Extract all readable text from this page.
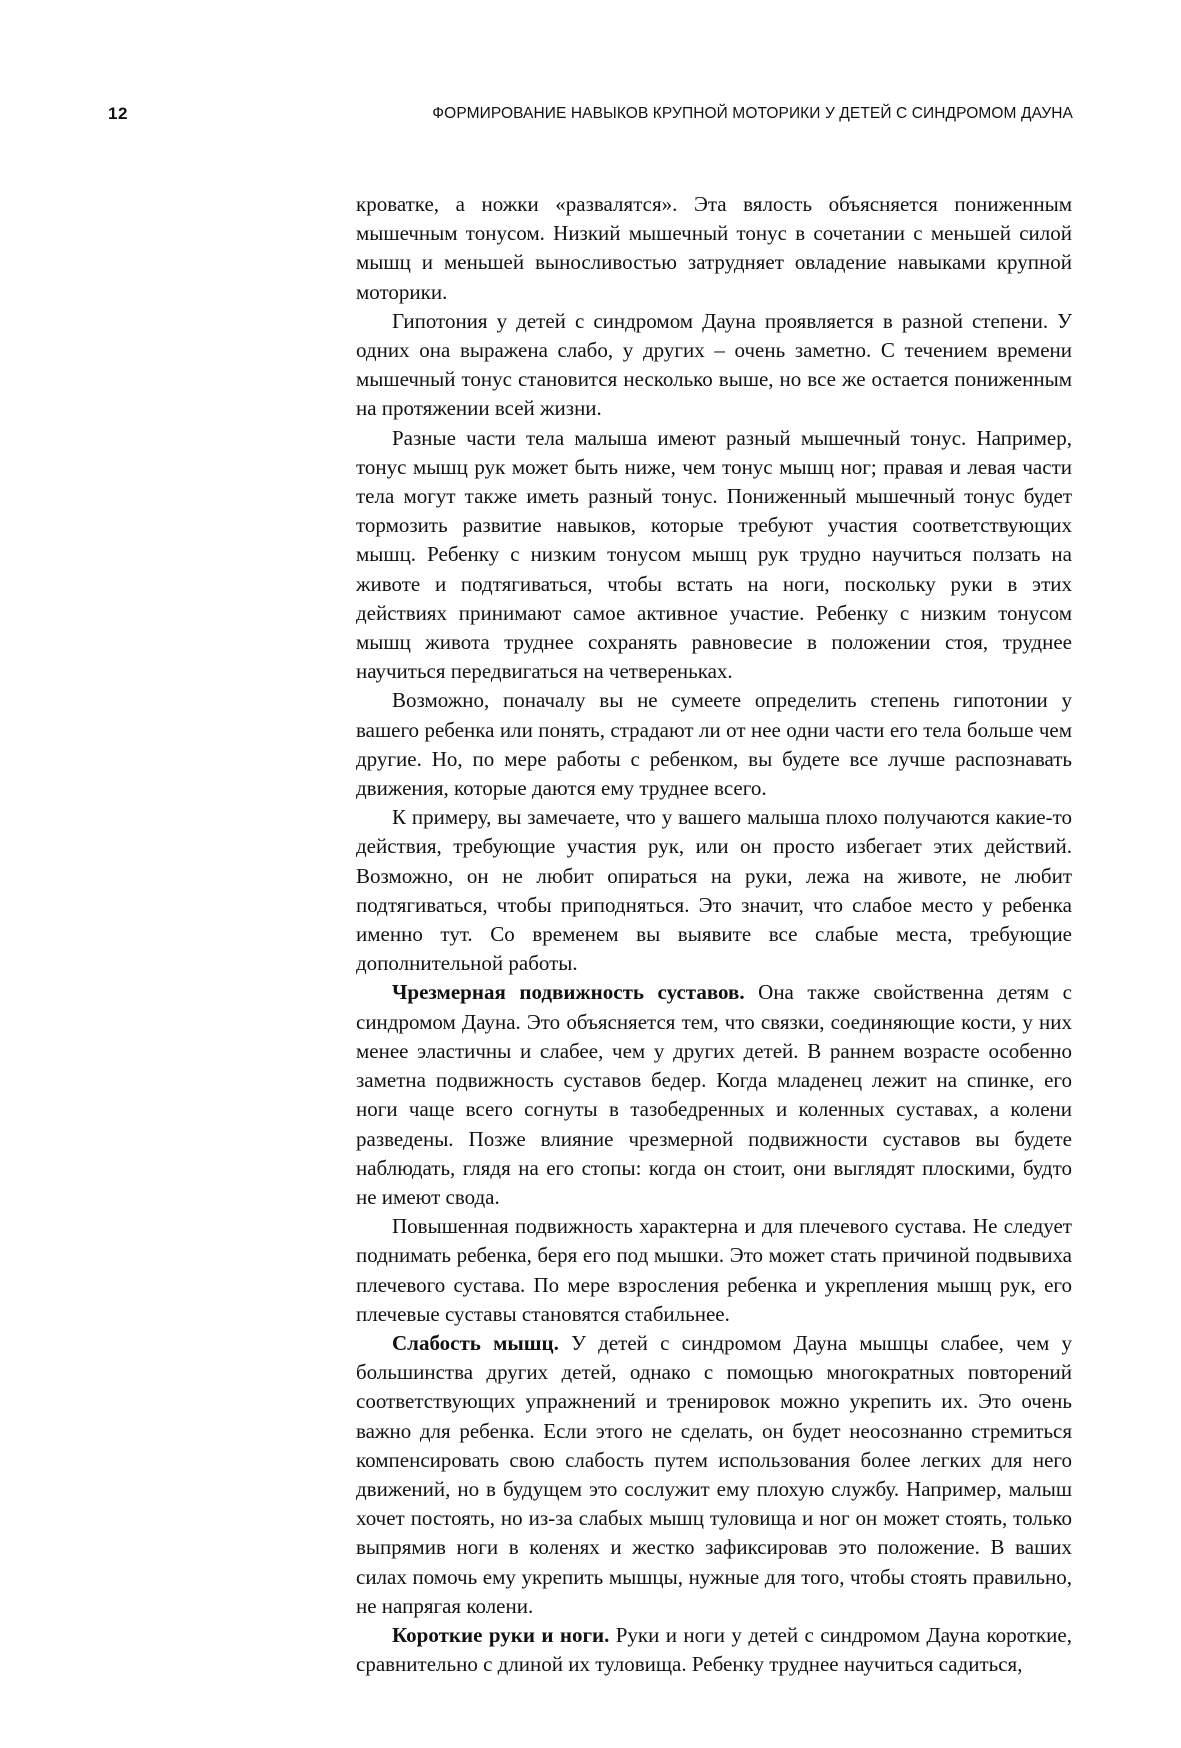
12	ФОРМИРОВАНИЕ НАВЫКОВ КРУПНОЙ МОТОРИКИ У ДЕТЕЙ С СИНДРОМОМ ДАУНА

кроватке, а ножки «развалятся». Эта вялость объясняется пониженным мышечным тонусом. Низкий мышечный тонус в сочетании с меньшей силой мышц и меньшей выносливостью затрудняет овладение навыками крупной моторики.

Гипотония у детей с синдромом Дауна проявляется в разной степени. У одних она выражена слабо, у других – очень заметно. С течением времени мышечный тонус становится несколько выше, но все же остается пониженным на протяжении всей жизни.

Разные части тела малыша имеют разный мышечный тонус. Например, тонус мышц рук может быть ниже, чем тонус мышц ног; правая и левая части тела могут также иметь разный тонус. Пониженный мышечный тонус будет тормозить развитие навыков, которые требуют участия соответствующих мышц. Ребенку с низким тонусом мышц рук трудно научиться ползать на животе и подтягиваться, чтобы встать на ноги, поскольку руки в этих действиях принимают самое активное участие. Ребенку с низким тонусом мышц живота труднее сохранять равновесие в положении стоя, труднее научиться передвигаться на четвереньках.

Возможно, поначалу вы не сумеете определить степень гипотонии у вашего ребенка или понять, страдают ли от нее одни части его тела больше чем другие. Но, по мере работы с ребенком, вы будете все лучше распознавать движения, которые даются ему труднее всего.

К примеру, вы замечаете, что у вашего малыша плохо получаются какие-то действия, требующие участия рук, или он просто избегает этих действий. Возможно, он не любит опираться на руки, лежа на животе, не любит подтягиваться, чтобы приподняться. Это значит, что слабое место у ребенка именно тут. Со временем вы выявите все слабые места, требующие дополнительной работы.

Чрезмерная подвижность суставов. Она также свойственна детям с синдромом Дауна. Это объясняется тем, что связки, соединяющие кости, у них менее эластичны и слабее, чем у других детей. В раннем возрасте особенно заметна подвижность суставов бедер. Когда младенец лежит на спинке, его ноги чаще всего согнуты в тазобедренных и коленных суставах, а колени разведены. Позже влияние чрезмерной подвижности суставов вы будете наблюдать, глядя на его стопы: когда он стоит, они выглядят плоскими, будто не имеют свода.

Повышенная подвижность характерна и для плечевого сустава. Не следует поднимать ребенка, беря его под мышки. Это может стать причиной подвывиха плечевого сустава. По мере взросления ребенка и укрепления мышц рук, его плечевые суставы становятся стабильнее.

Слабость мышц. У детей с синдромом Дауна мышцы слабее, чем у большинства других детей, однако с помощью многократных повторений соответствующих упражнений и тренировок можно укрепить их. Это очень важно для ребенка. Если этого не сделать, он будет неосознанно стремиться компенсировать свою слабость путем использования более легких для него движений, но в будущем это сослужит ему плохую службу. Например, малыш хочет постоять, но из-за слабых мышц туловища и ног он может стоять, только выпрямив ноги в коленях и жестко зафиксировав это положение. В ваших силах помочь ему укрепить мышцы, нужные для того, чтобы стоять правильно, не напрягая колени.

Короткие руки и ноги. Руки и ноги у детей с синдромом Дауна короткие, сравнительно с длиной их туловища. Ребенку труднее научиться садиться,
